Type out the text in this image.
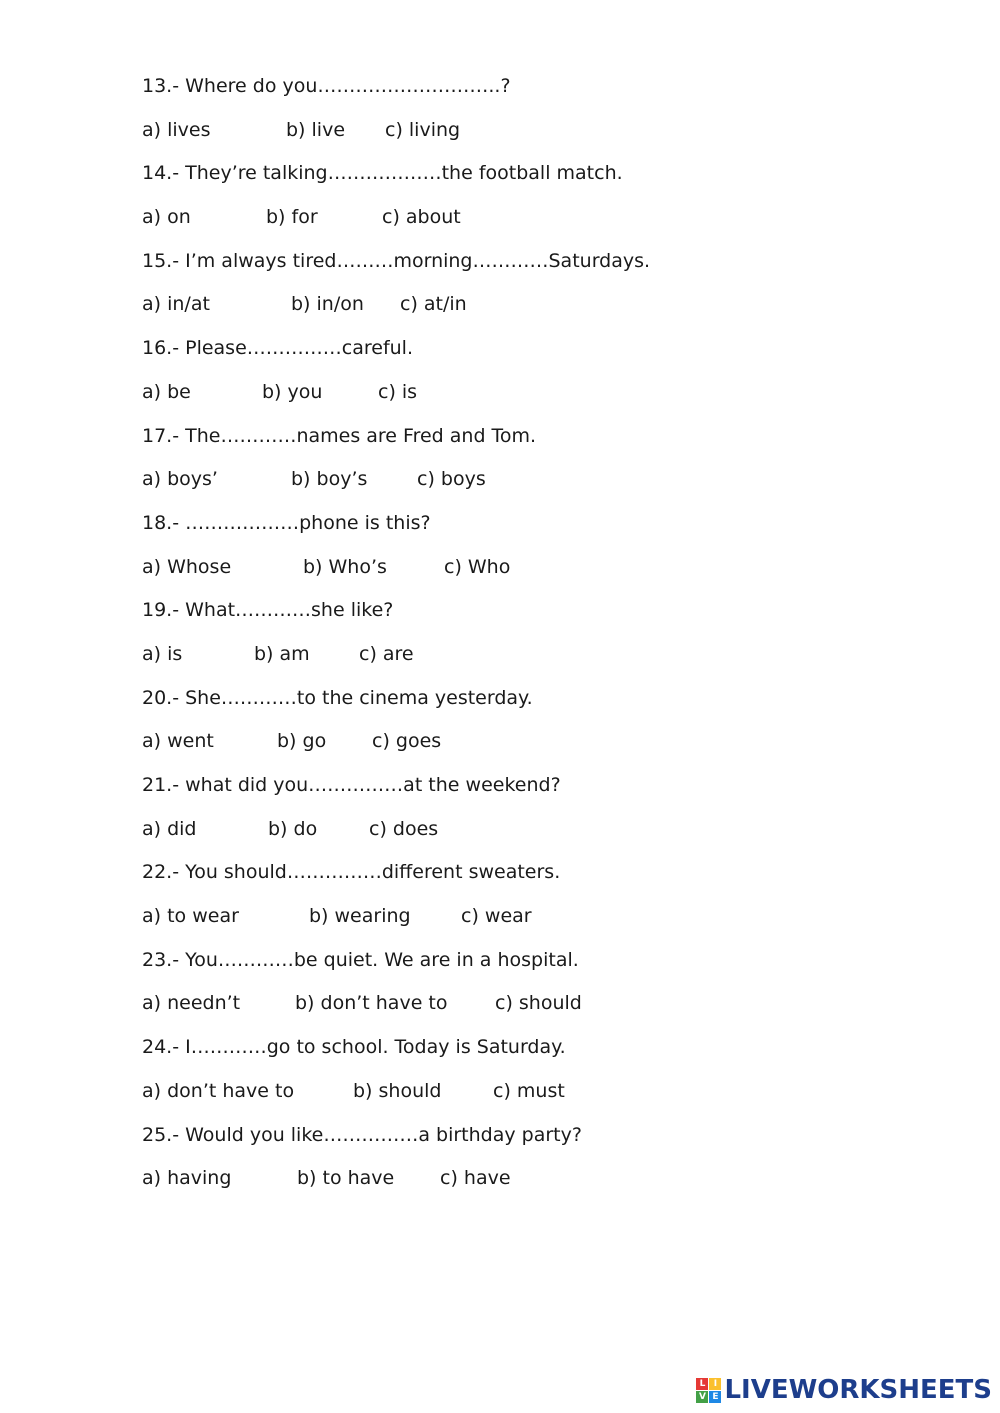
13.- Where do you………………………..?
a) lives	b) live c) living
14.- They’re talking………………the football match.
a) on	b) for	c) about
15.- I’m always tired………morning…………Saturdays.
a) in/at	b) in/on c) at/in
16.- Please……………careful.
a) be	b) you	c) is
17.- The…………names are Fred and Tom.
a) boys’	b) boy’s	c) boys
18.- ………………phone is this?
a) Whose	b) Who’s	c) Who
19.- What…………she like?
a) is	b) am	c) are
20.- She…………to the cinema yesterday.
a) went	b) go c) goes
21.- what did you……………at the weekend?
a) did	b) do	c) does
22.- You should……………different sweaters.
a) to wear	b) wearing	c) wear
23.- You…………be quiet. We are in a hospital.
a) needn’t	b) don’t have to c) should
24.- I…………go to school. Today is Saturday.
a) don’t have to	b) should	c) must
25.- Would you like……………a birthday party?
a) having	b) to have c) have
L I
V E LIVEWORKSHEETS
